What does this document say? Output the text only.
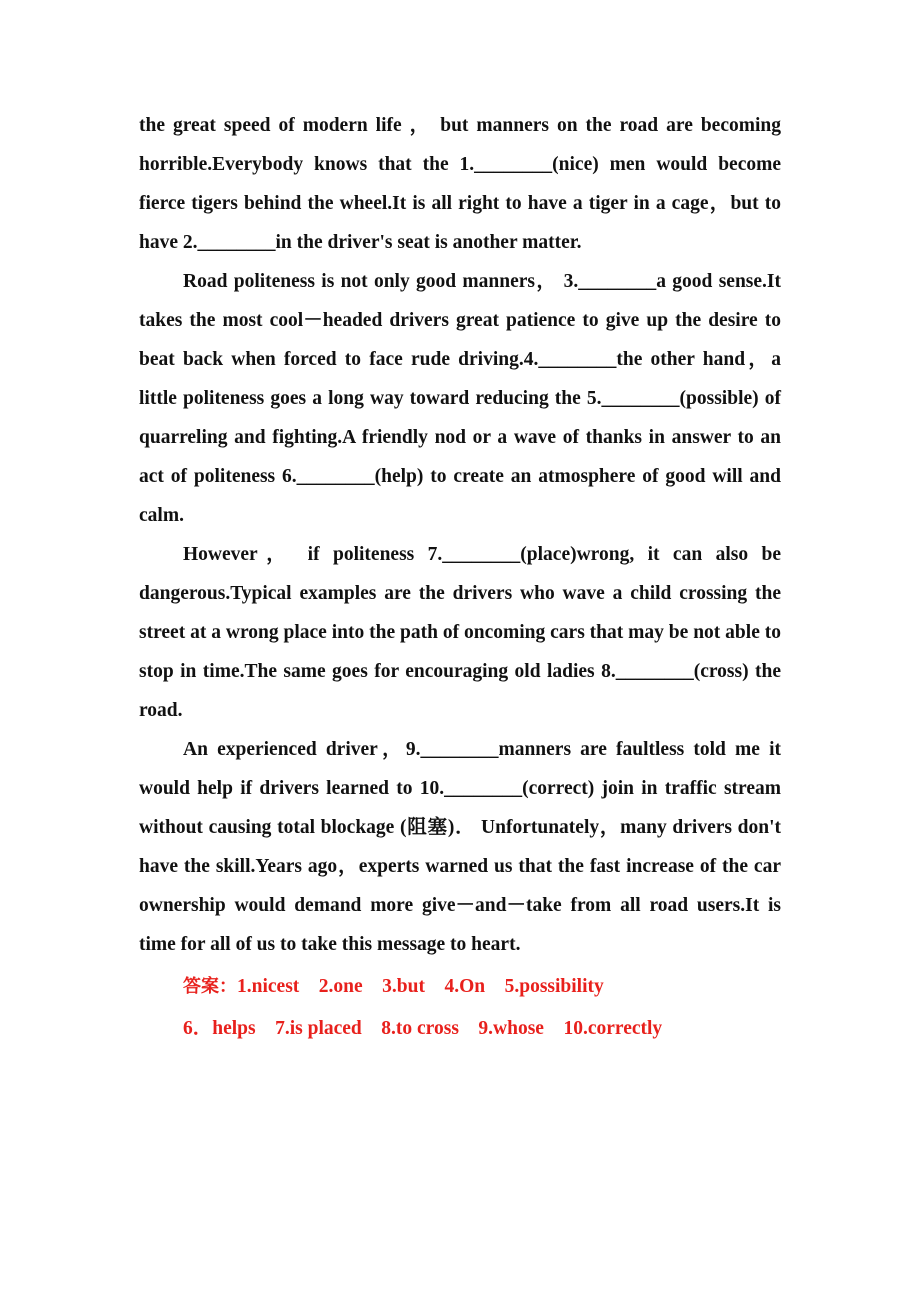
the great speed of modern life ， but manners on the road are becoming horrible.Everybody knows that the 1.________(nice) men would become fierce tigers behind the wheel.It is all right to have a tiger in a cage，but to have 2.________in the driver's seat is another matter.

Road politeness is not only good manners， 3.________a good sense.It takes the most cool－headed drivers great patience to give up the desire to beat back when forced to face rude driving.4.________the other hand，a little politeness goes a long way toward reducing the 5.________(possible) of quarreling and fighting.A friendly nod or a wave of thanks in answer to an act of politeness 6.________(help) to create an atmosphere of good will and calm.

However， if politeness 7.________(place)wrong, it can also be dangerous.Typical examples are the drivers who wave a child crossing the street at a wrong place into the path of oncoming cars that may be not able to stop in time.The same goes for encouraging old ladies 8.________(cross) the road.

An experienced driver，9.________manners are faultless told me it would help if drivers learned to 10.________(correct) join in traffic stream without causing total blockage (阻塞)． Unfortunately，many drivers don't have the skill.Years ago，experts warned us that the fast increase of the car ownership would demand more give－and－take from all road users.It is time for all of us to take this message to heart.

答案：1.nicest    2.one    3.but    4.On    5.possibility
6．helps    7.is placed    8.to cross    9.whose    10.correctly
